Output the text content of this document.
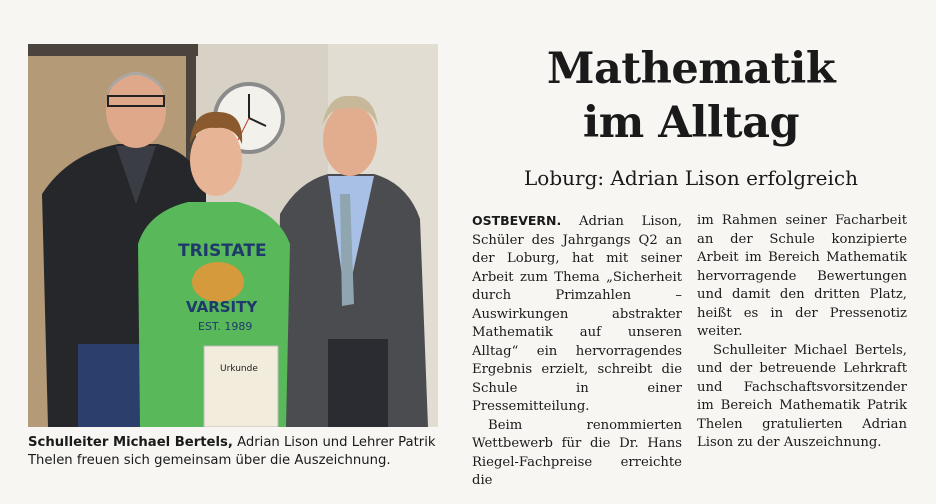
TRISTATE
VARSITY
EST. 1989
Urkunde
Schulleiter Michael Bertels, Adrian Lison und Lehrer Patrik Thelen freuen sich gemeinsam über die Auszeichnung.
Mathematik
im Alltag
Loburg: Adrian Lison erfolgreich

OSTBEVERN. Adrian Lison, Schüler des Jahrgangs Q2 an der Loburg, hat mit seiner Arbeit zum Thema „Sicherheit durch Primzahlen – Auswirkungen abstrakter Mathematik auf unseren Alltag“ ein hervorragendes Ergebnis erzielt, schreibt die Schule in einer Pressemitteilung.

Beim renommierten Wettbewerb für die Dr. Hans Riegel-Fachpreise erreichte die

im Rahmen seiner Facharbeit an der Schule konzipierte Arbeit im Bereich Mathematik hervorragende Bewertungen und damit den dritten Platz, heißt es in der Pressenotiz weiter.

Schulleiter Michael Bertels, und der betreuende Lehrkraft und Fachschaftsvorsitzender im Bereich Mathematik Patrik Thelen gratulierten Adrian Lison zu der Auszeichnung.
